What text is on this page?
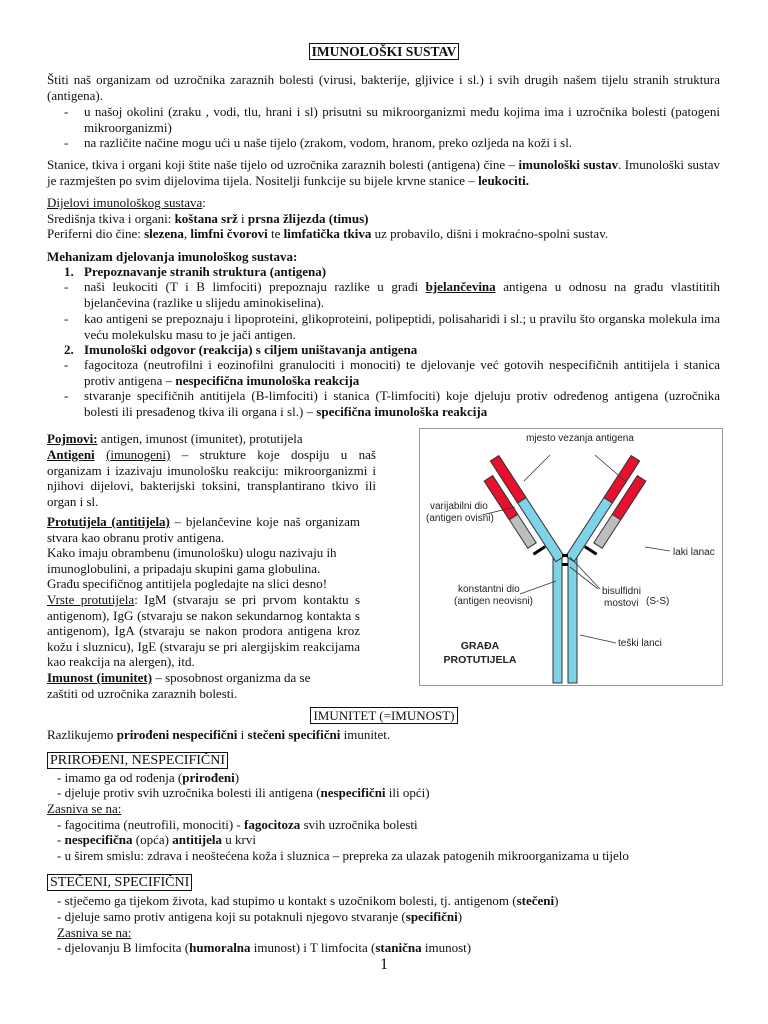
IMUNOLOŠKI SUSTAV
Štiti naš organizam od uzročnika zaraznih bolesti (virusi, bakterije, gljivice i sl.) i svih drugih našem tijelu stranih struktura (antigena).
- u našoj okolini (zraku , vodi, tlu, hrani i sl) prisutni su mikroorganizmi među kojima ima i uzročnika bolesti (patogeni mikroorganizmi)
- na različite načine mogu ući u naše tijelo (zrakom, vodom, hranom, preko ozljeda na koži i sl.
Stanice, tkiva i organi koji štite naše tijelo od uzročnika zaraznih bolesti (antigena) čine – imunološki sustav. Imunološki sustav je razmješten po svim dijelovima tijela. Nositelji funkcije su bijele krvne stanice – leukociti.
Dijelovi imunološkog sustava:
Središnja tkiva i organi: koštana srž i prsna žlijezda (timus)
Periferni dio čine: slezena, limfni čvorovi te limfatička tkiva uz probavilo, dišni i mokraćno-spolni sustav.
Mehanizam djelovanja imunološkog sustava:
1. Prepoznavanje stranih struktura (antigena)
- naši leukociti (T i B limfociti) prepoznaju razlike u građi bjelančevina antigena u odnosu na građu vlastititih bjelančevina (razlike u slijedu aminokiselina).
- kao antigeni se prepoznaju i lipoproteini, glikoproteini, polipeptidi, polisaharidi i sl.; u pravilu što organska molekula ima veću molekulsku masu to je jači antigen.
2. Imunološki odgovor (reakcija) s ciljem uništavanja antigena
- fagocitoza (neutrofilni i eozinofilni granulociti i monociti) te djelovanje već gotovih nespecifičnih antitijela i stanica protiv antigena – nespecifična imunološka reakcija
- stvaranje specifičnih antitijela (B-limfociti) i stanica (T-limfociti) koje djeluju protiv određenog antigena (uzročnika bolesti ili presađenog tkiva ili organa i sl.) – specifična imunološka reakcija
Pojmovi: antigen, imunost (imunitet), protutijela
Antigeni (imunogeni) – strukture koje dospiju u naš organizam i izazivaju imunološku reakciju: mikroorganizmi i njihovi dijelovi, bakterijski toksini, transplantirano tkivo ili organ i sl.
Protutijela (antitijela) – bjelančevine koje naš organizam stvara kao obranu protiv antigena.
Kako imaju obrambenu (imunološku) ulogu nazivaju ih imunoglobulini, a pripadaju skupini gama globulina.
Građu specifičnog antitijela pogledajte na slici desno!
Vrste protutijela: IgM (stvaraju se pri prvom kontaktu s antigenom), IgG (stvaraju se nakon sekundarnog kontakta s antigenom), IgA (stvaraju se nakon prodora antigena kroz kožu i sluznicu), IgE (stvaraju se pri alergijskim reakcijama kao reakcija na alergen), itd.
Imunost (imunitet) – sposobnost organizma da se zaštiti od uzročnika zaraznih bolesti.
mjesto vezanja antigena
varijabilni dio
(antigen ovisni)
laki lanac
konstantni dio
(antigen neovisni)
bisulfidni
mostovi (S-S)
teški lanci
GRAĐA
PROTUTIJELA
IMUNITET (=IMUNOST)
Razlikujemo prirođeni nespecifični i stečeni specifični imunitet.
PRIROĐENI, NESPECIFIČNI
- imamo ga od rođenja (prirođeni)
- djeluje protiv svih uzročnika bolesti ili antigena (nespecifični ili opći)
Zasniva se na:
- fagocitima (neutrofili, monociti) - fagocitoza svih uzročnika bolesti
- nespecifična (opća) antitijela u krvi
- u širem smislu: zdrava i neoštećena koža i sluznica – prepreka za ulazak patogenih mikroorganizama u tijelo
STEČENI, SPECIFIČNI
- stječemo ga tijekom života, kad stupimo u kontakt s uzočnikom bolesti, tj. antigenom (stečeni)
- djeluje samo protiv antigena koji su potaknuli njegovo stvaranje (specifični)
Zasniva se na:
- djelovanju B limfocita (humoralna imunost) i T limfocita (stanična imunost)
1
